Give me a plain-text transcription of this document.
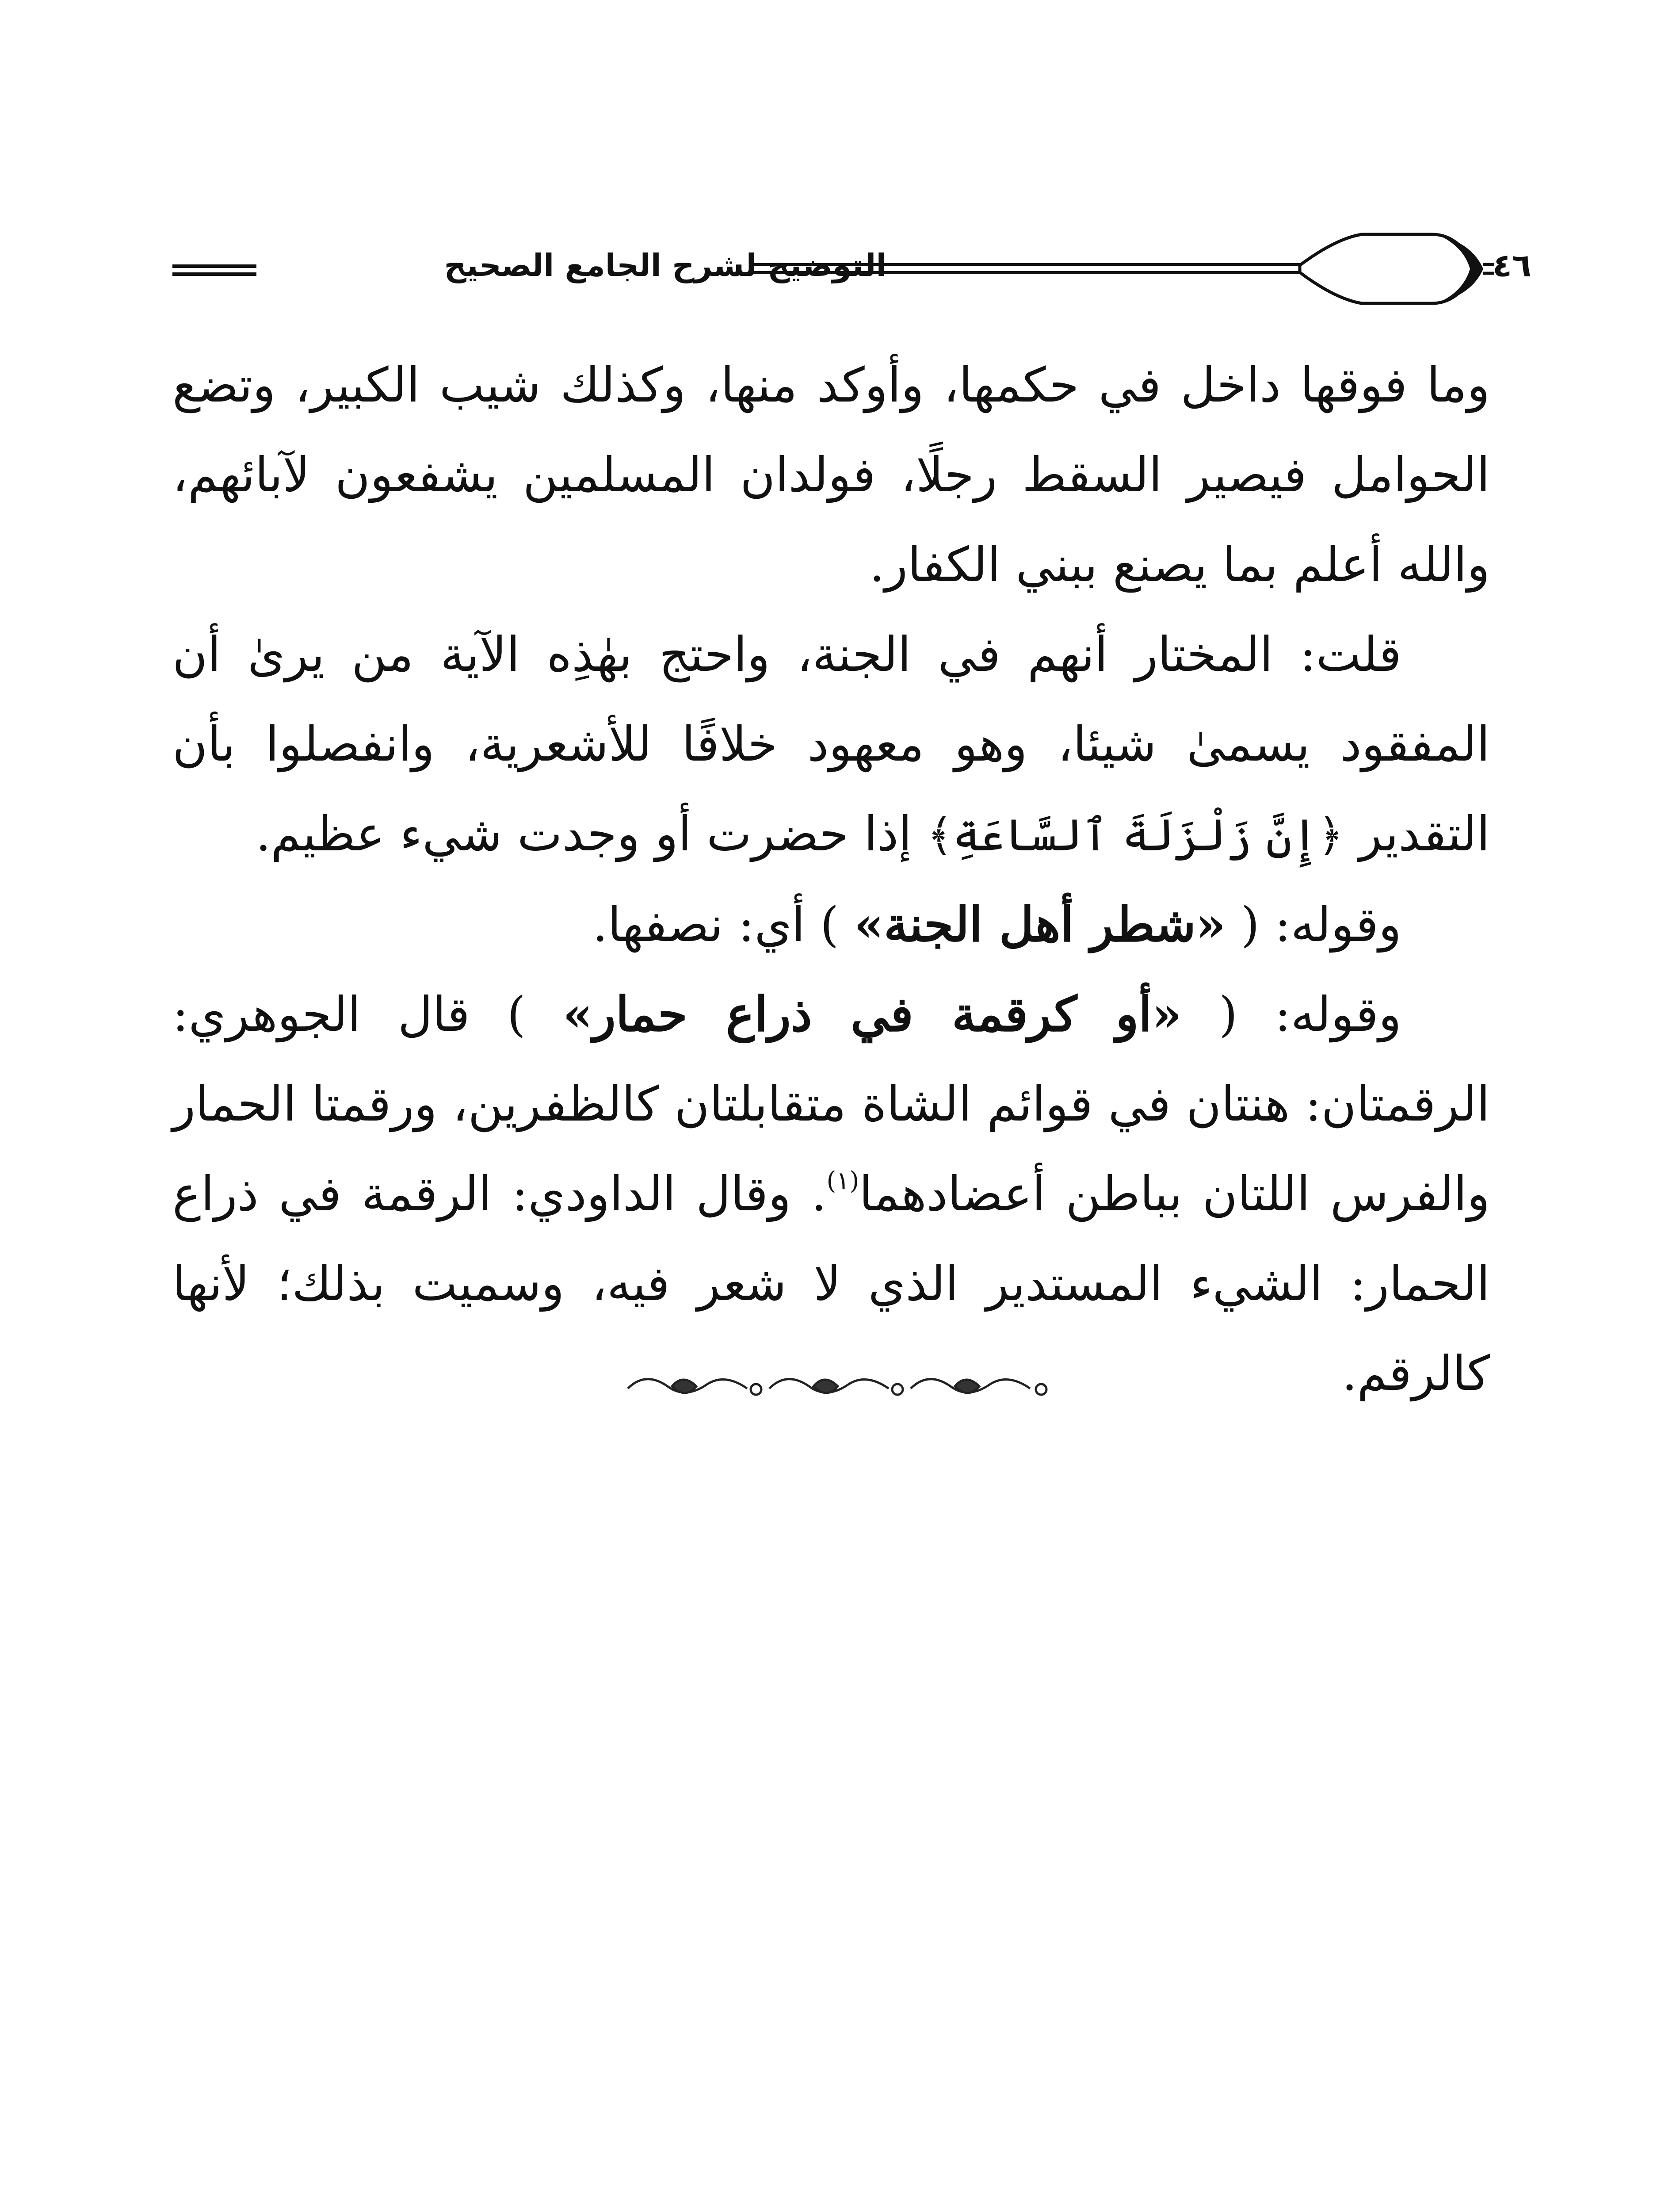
التوضيح لشرح الجامع الصحيح	٤٦

وما فوقها داخل في حكمها، وأوكد منها، وكذلك شيب الكبير، وتضع الحوامل فيصير السقط رجلًا، فولدان المسلمين يشفعون لآبائهم، والله أعلم بما يصنع ببني الكفار.

قلت: المختار أنهم في الجنة، واحتج بهٰذِه الآية من يرىٰ أن المفقود يسمىٰ شيئا، وهو معهود خلافًا للأشعرية، وانفصلوا بأن التقدير ﴿إِنَّ زَلْزَلَةَ ٱلسَّاعَةِ﴾ إذا حضرت أو وجدت شيء عظيم.

وقوله: ( «شطر أهل الجنة» ) أي: نصفها.

وقوله: ( «أو كرقمة في ذراع حمار» ) قال الجوهري: الرقمتان: هنتان في قوائم الشاة متقابلتان كالظفرين، ورقمتا الحمار والفرس اللتان بباطن أعضادهما$^{(١)}$. وقال الداودي: الرقمة في ذراع الحمار: الشيء المستدير الذي لا شعر فيه، وسميت بذلك؛ لأنها كالرقم.
